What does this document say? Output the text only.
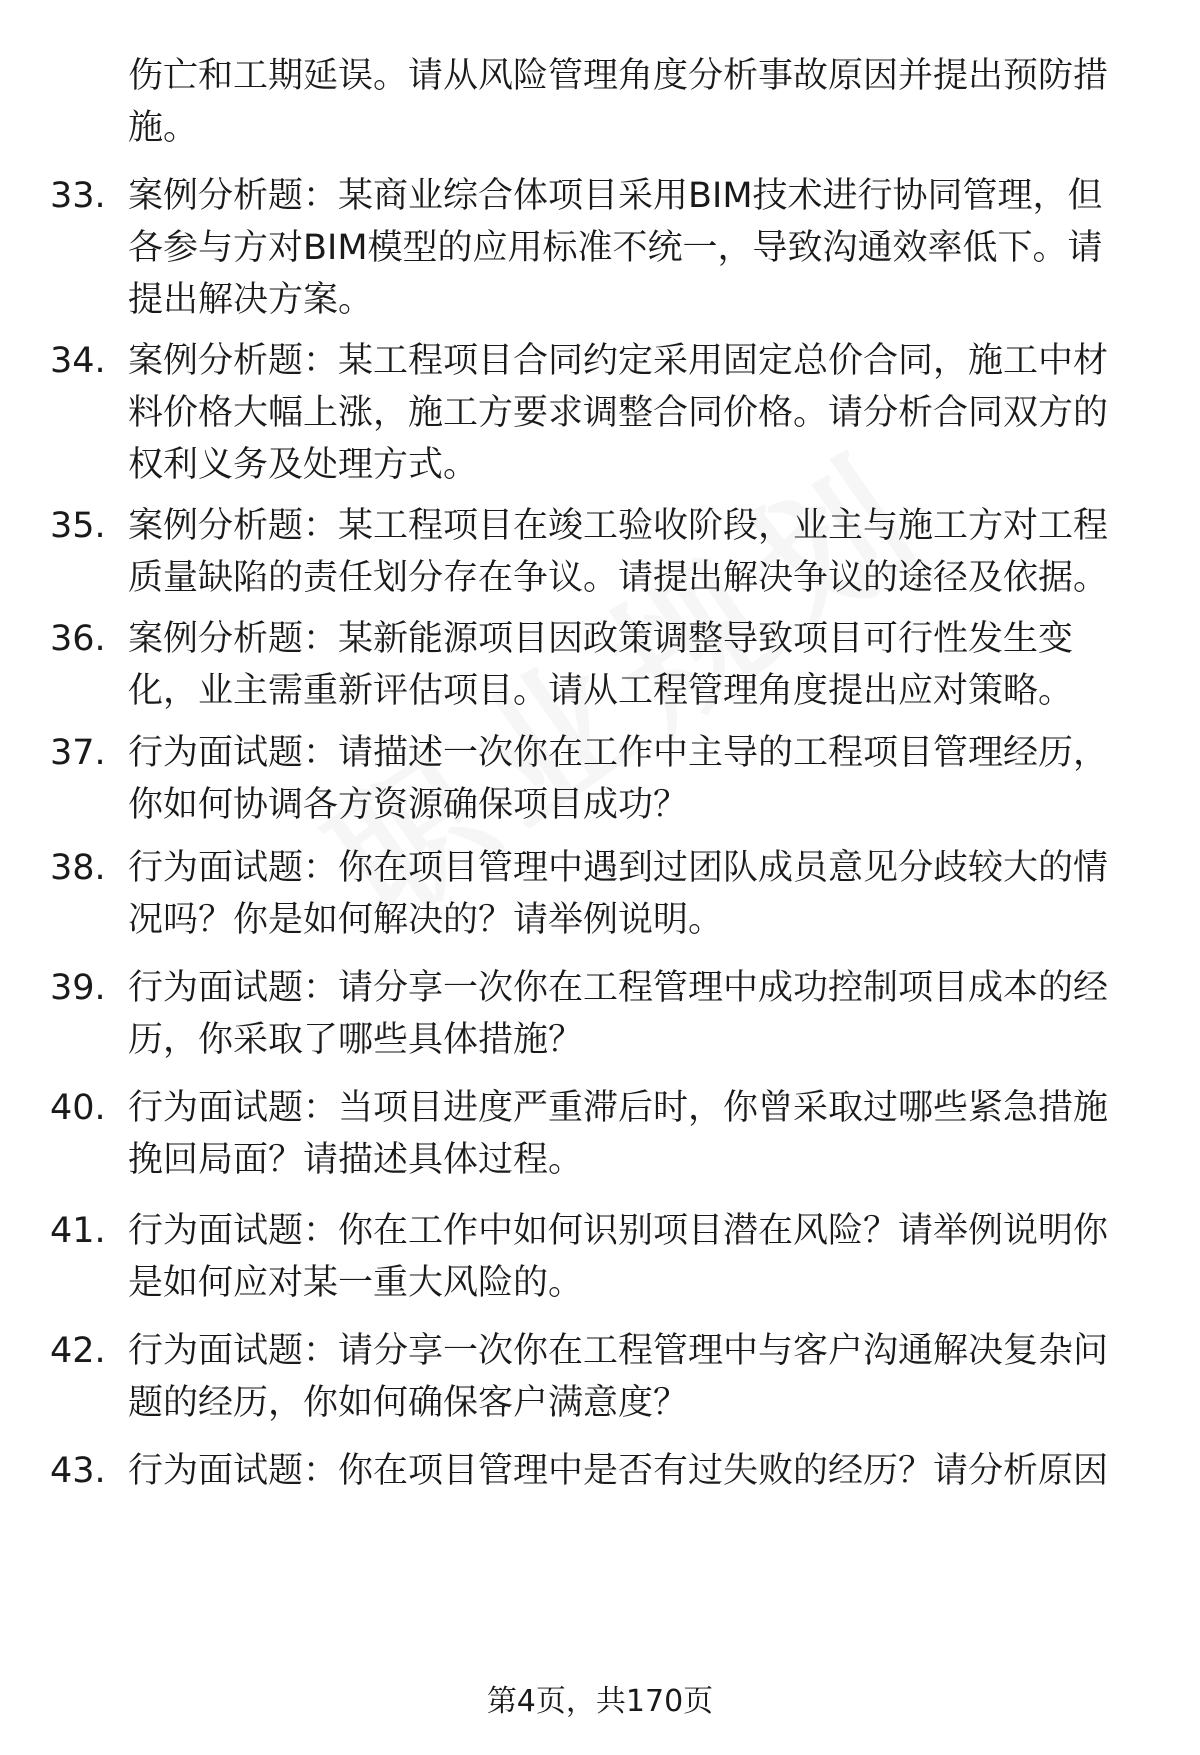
伤亡和工期延误。请从风险管理角度分析事故原因并提出预防措
施。
33. 案例分析题：某商业综合体项目采用BIM技术进行协同管理，但
各参与方对BIM模型的应用标准不统一，导致沟通效率低下。请
提出解决方案。
34. 案例分析题：某工程项目合同约定采用固定总价合同，施工中材
料价格大幅上涨，施工方要求调整合同价格。请分析合同双方的
权利义务及处理方式。
35. 案例分析题：某工程项目在竣工验收阶段，业主与施工方对工程
质量缺陷的责任划分存在争议。请提出解决争议的途径及依据。
36. 案例分析题：某新能源项目因政策调整导致项目可行性发生变
化，业主需重新评估项目。请从工程管理角度提出应对策略。
37. 行为面试题：请描述一次你在工作中主导的工程项目管理经历，
你如何协调各方资源确保项目成功？
38. 行为面试题：你在项目管理中遇到过团队成员意见分歧较大的情
况吗？你是如何解决的？请举例说明。
39. 行为面试题：请分享一次你在工程管理中成功控制项目成本的经
历，你采取了哪些具体措施？
40. 行为面试题：当项目进度严重滞后时，你曾采取过哪些紧急措施
挽回局面？请描述具体过程。
41. 行为面试题：你在工作中如何识别项目潜在风险？请举例说明你
是如何应对某一重大风险的。
42. 行为面试题：请分享一次你在工程管理中与客户沟通解决复杂问
题的经历，你如何确保客户满意度？
43. 行为面试题：你在项目管理中是否有过失败的经历？请分析原因
第4页，共170页
